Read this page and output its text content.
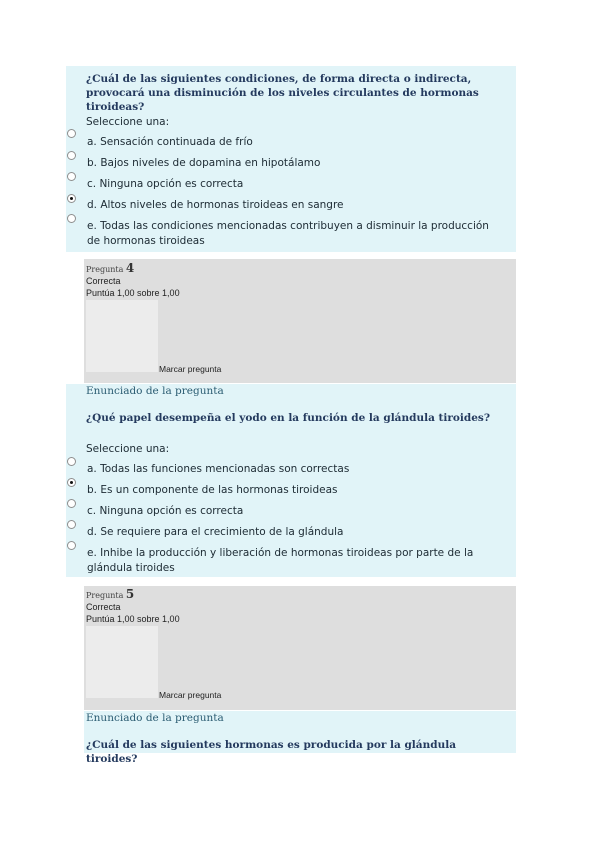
¿Cuál de las siguientes condiciones, de forma directa o indirecta, provocará una disminución de los niveles circulantes de hormonas tiroideas?
Seleccione una:
a. Sensación continuada de frío
b. Bajos niveles de dopamina en hipotálamo
c. Ninguna opción es correcta
d. Altos niveles de hormonas tiroideas en sangre
e. Todas las condiciones mencionadas contribuyen a disminuir la producción de hormonas tiroideas
Pregunta 4
Correcta
Puntúa 1,00 sobre 1,00
Marcar pregunta
Enunciado de la pregunta
¿Qué papel desempeña el yodo en la función de la glándula tiroides?
Seleccione una:
a. Todas las funciones mencionadas son correctas
b. Es un componente de las hormonas tiroideas
c. Ninguna opción es correcta
d. Se requiere para el crecimiento de la glándula
e. Inhibe la producción y liberación de hormonas tiroideas por parte de la glándula tiroides
Pregunta 5
Correcta
Puntúa 1,00 sobre 1,00
Marcar pregunta
Enunciado de la pregunta
¿Cuál de las siguientes hormonas es producida por la glándula tiroides?
